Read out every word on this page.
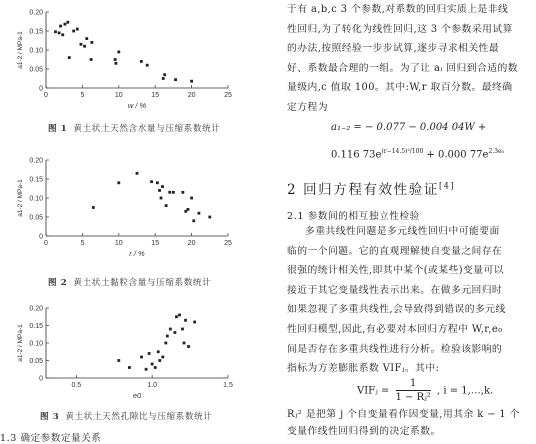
0
0.05
0.10
0.15
0.20
0	5	10	15	20	25
w / %
a1-2 / MPa-1
图 1 黄土状土天然含水量与压缩系数统计
0
0.05
0.10
0.15
0.20
0	5	10	15	20	25
r / %
a1-2 / MPa-1
图 2 黄土状土黏粒含量与压缩系数统计
0
0.05
0.10
0.15
0.20
0.5	1.0	1.5
e0
a1-2 / MPa-1
图 3 黄土状土天然孔隙比与压缩系数统计
1.3 确定参数定量关系
于有 a,b,c 3 个参数,对系数的回归实质上是非线
性回归,为了转化为线性回归,这 3 个参数采用试算
的办法,按照经验一步步试算,逐步寻求相关性最
好、系数最合理的一组。为了让 aᵢ 回归到合适的数
量级内,c 值取 100。其中:W,r 取百分数。最终确
定方程为
a₁₋₂ = − 0.077 − 0.004 04W +
0.116 $73e^{(r-14.5)^2/100} + 0.000$ $77e^{2.3e_0}$
2 回归方程有效性验证[4]
2.1 参数间的相互独立性检验
多重共线性问题是多元线性回归中可能要面
临的一个问题。它的直观理解使自变量之间存在
很强的统计相关性,即其中某个(或某些)变量可以
接近于其它变量线性表示出来。在做多元回归时
如果忽视了多重共线性,会导致得到错误的多元线
性回归模型,因此,有必要对本回归方程中 W,r,e₀
间是否存在多重共线性进行分析。检验该影响的
指标为方差膨胀系数 VIFⱼ。其中:
VIFⱼ = $\frac{1}{\text{1 − Rⱼ²}}$ , i = 1,…,k.
Rⱼ² 是把第 j 个自变量看作因变量,用其余 k − 1 个
变量作线性回归得到的决定系数。
